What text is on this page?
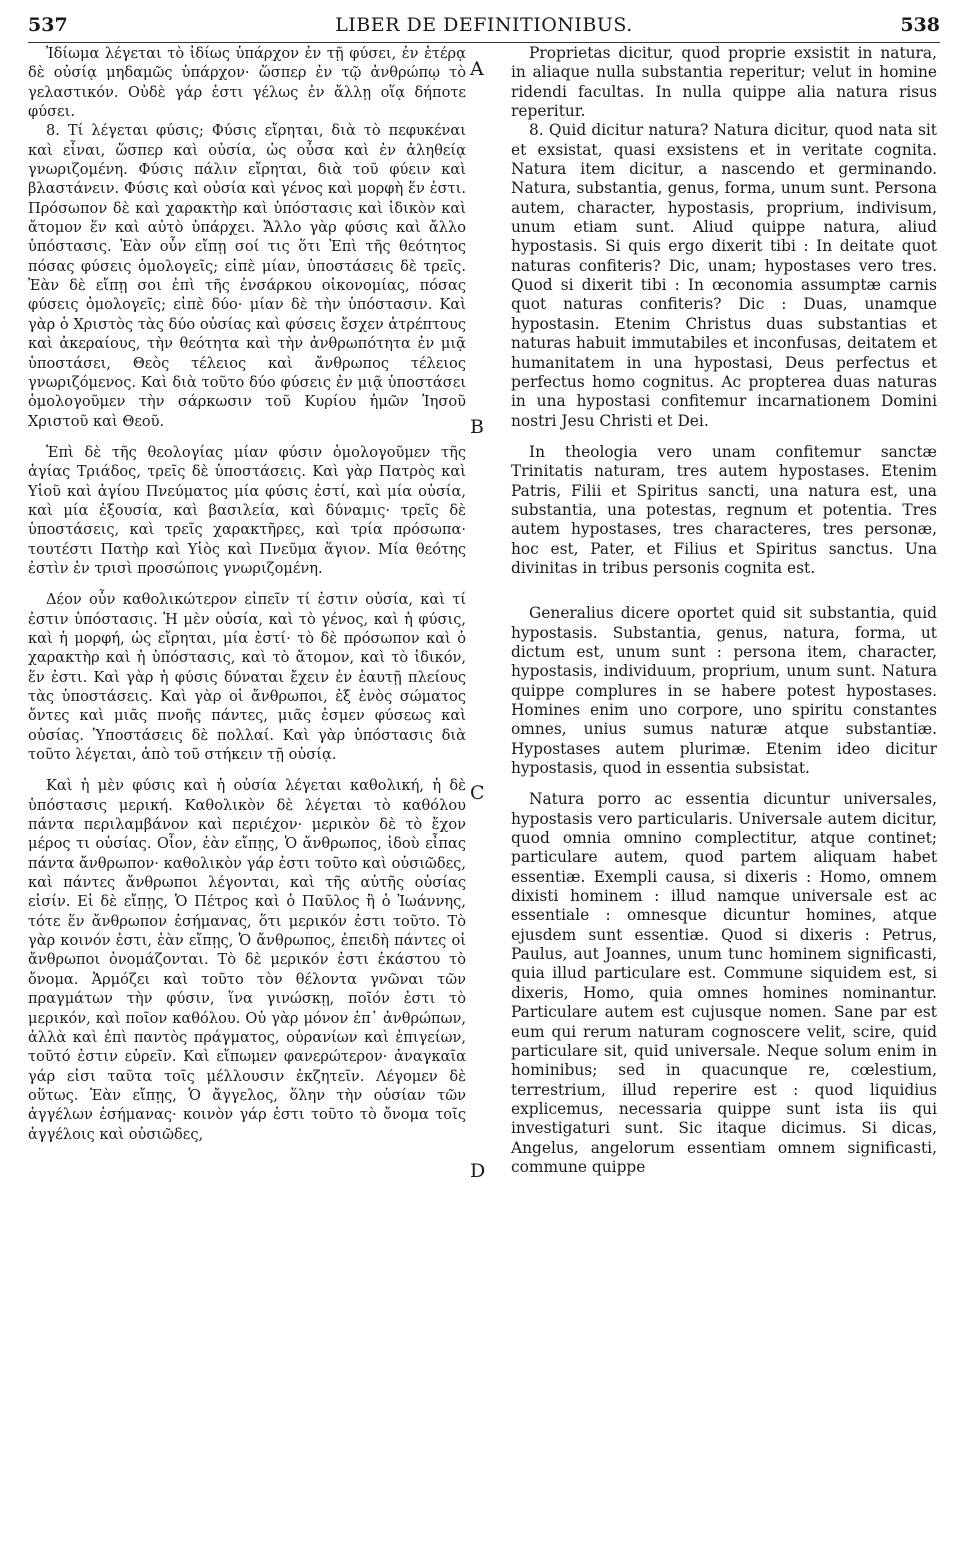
537	LIBER DE DEFINITIONIBUS.	538

Ἰδίωμα λέγεται τὸ ἰδίως ὑπάρχον ἐν τῇ φύσει, ἐν ἑτέρᾳ δὲ οὐσίᾳ μηδαμῶς ὑπάρχον· ὥσπερ ἐν τῷ ἀνθρώπῳ τὸ γελαστικόν. Οὐδὲ γάρ ἐστι γέλως ἐν ἄλλῃ οἵᾳ δήποτε φύσει.

8. Τί λέγεται φύσις; Φύσις εἴρηται, διὰ τὸ πεφυκέναι καὶ εἶναι, ὥσπερ καὶ οὐσία, ὡς οὖσα καὶ ἐν ἀληθείᾳ γνωριζομένη. Φύσις πάλιν εἴρηται, διὰ τοῦ φύειν καὶ βλαστάνειν. Φύσις καὶ οὐσία καὶ γένος καὶ μορφὴ ἕν ἐστι. Πρόσωπον δὲ καὶ χαρακτὴρ καὶ ὑπόστασις καὶ ἰδικὸν καὶ ἄτομον ἕν καὶ αὐτὸ ὑπάρχει. Ἄλλο γὰρ φύσις καὶ ἄλλο ὑπόστασις. Ἐὰν οὖν εἴπῃ σοί τις ὅτι Ἐπὶ τῆς θεότητος πόσας φύσεις ὁμολογεῖς; εἰπὲ μίαν, ὑποστάσεις δὲ τρεῖς. Ἐὰν δὲ εἴπῃ σοι ἐπὶ τῆς ἐνσάρκου οἰκονομίας, πόσας φύσεις ὁμολογεῖς; εἰπὲ δύο· μίαν δὲ τὴν ὑπόστασιν. Καὶ γὰρ ὁ Χριστὸς τὰς δύο οὐσίας καὶ φύσεις ἔσχεν ἀτρέπτους καὶ ἀκεραίους, τὴν θεότητα καὶ τὴν ἀνθρωπότητα ἐν μιᾷ ὑποστάσει, Θεὸς τέλειος καὶ ἄνθρωπος τέλειος γνωριζόμενος. Καὶ διὰ τοῦτο δύο φύσεις ἐν μιᾷ ὑποστάσει ὁμολογοῦμεν τὴν σάρκωσιν τοῦ Κυρίου ἡμῶν Ἰησοῦ Χριστοῦ καὶ Θεοῦ.

Ἐπὶ δὲ τῆς θεολογίας μίαν φύσιν ὁμολογοῦμεν τῆς ἁγίας Τριάδος, τρεῖς δὲ ὑποστάσεις. Καὶ γὰρ Πατρὸς καὶ Υἱοῦ καὶ ἁγίου Πνεύματος μία φύσις ἐστί, καὶ μία οὐσία, καὶ μία ἐξουσία, καὶ βασιλεία, καὶ δύναμις· τρεῖς δὲ ὑποστάσεις, καὶ τρεῖς χαρακτῆρες, καὶ τρία πρόσωπα· τουτέστι Πατὴρ καὶ Υἱὸς καὶ Πνεῦμα ἅγιον. Μία θεότης ἐστὶν ἐν τρισὶ προσώποις γνωριζομένη.

Δέον οὖν καθολικώτερον εἰπεῖν τί ἐστιν οὐσία, καὶ τί ἐστιν ὑπόστασις. Ἡ μὲν οὐσία, καὶ τὸ γένος, καὶ ἡ φύσις, καὶ ἡ μορφή, ὡς εἴρηται, μία ἐστί· τὸ δὲ πρόσωπον καὶ ὁ χαρακτὴρ καὶ ἡ ὑπόστασις, καὶ τὸ ἄτομον, καὶ τὸ ἰδικόν, ἕν ἐστι. Καὶ γὰρ ἡ φύσις δύναται ἔχειν ἐν ἑαυτῇ πλείους τὰς ὑποστάσεις. Καὶ γὰρ οἱ ἄνθρωποι, ἐξ ἑνὸς σώματος ὄντες καὶ μιᾶς πνοῆς πάντες, μιᾶς ἐσμεν φύσεως καὶ οὐσίας. Ὑποστάσεις δὲ πολλαί. Καὶ γὰρ ὑπόστασις διὰ τοῦτο λέγεται, ἀπὸ τοῦ στήκειν τῇ οὐσίᾳ.

Καὶ ἡ μὲν φύσις καὶ ἡ οὐσία λέγεται καθολική, ἡ δὲ ὑπόστασις μερική. Καθολικὸν δὲ λέγεται τὸ καθόλου πάντα περιλαμβάνον καὶ περιέχον· μερικὸν δὲ τὸ ἔχον μέρος τι οὐσίας. Οἷον, ἐὰν εἴπῃς, Ὁ ἄνθρωπος, ἰδοὺ εἶπας πάντα ἄνθρωπον· καθολικὸν γάρ ἐστι τοῦτο καὶ οὐσιῶδες, καὶ πάντες ἄνθρωποι λέγονται, καὶ τῆς αὐτῆς οὐσίας εἰσίν. Εἰ δὲ εἴπῃς, Ὁ Πέτρος καὶ ὁ Παῦλος ἢ ὁ Ἰωάννης, τότε ἕν ἄνθρωπον ἐσήμανας, ὅτι μερικόν ἐστι τοῦτο. Τὸ γὰρ κοινόν ἐστι, ἐὰν εἴπῃς, Ὁ ἄνθρωπος, ἐπειδὴ πάντες οἱ ἄνθρωποι ὀνομάζονται. Τὸ δὲ μερικόν ἐστι ἑκάστου τὸ ὄνομα. Ἁρμόζει καὶ τοῦτο τὸν θέλοντα γνῶναι τῶν πραγμάτων τὴν φύσιν, ἵνα γινώσκῃ, ποῖόν ἐστι τὸ μερικόν, καὶ ποῖον καθόλου. Οὐ γὰρ μόνον ἐπ᾽ ἀνθρώπων, ἀλλὰ καὶ ἐπὶ παντὸς πράγματος, οὐρανίων καὶ ἐπιγείων, τοῦτό ἐστιν εὑρεῖν. Καὶ εἴπωμεν φανερώτερον· ἀναγκαῖα γάρ εἰσι ταῦτα τοῖς μέλλουσιν ἐκζητεῖν. Λέγομεν δὲ οὕτως. Ἐὰν εἴπῃς, Ὁ ἄγγελος, ὅλην τὴν οὐσίαν τῶν ἀγγέλων ἐσήμανας· κοινὸν γάρ ἐστι τοῦτο τὸ ὄνομα τοῖς ἀγγέλοις καὶ οὐσιῶδες,

A
B
C
D

Proprietas dicitur, quod proprie exsistit in natura, in aliaque nulla substantia reperitur; velut in homine ridendi facultas. In nulla quippe alia natura risus reperitur.

8. Quid dicitur natura? Natura dicitur, quod nata sit et exsistat, quasi exsistens et in veritate cognita. Natura item dicitur, a nascendo et germinando. Natura, substantia, genus, forma, unum sunt. Persona autem, character, hypostasis, proprium, indivisum, unum etiam sunt. Aliud quippe natura, aliud hypostasis. Si quis ergo dixerit tibi : In deitate quot naturas confiteris? Dic, unam; hypostases vero tres. Quod si dixerit tibi : In œconomia assumptæ carnis quot naturas confiteris? Dic : Duas, unamque hypostasin. Etenim Christus duas substantias et naturas habuit immutabiles et inconfusas, deitatem et humanitatem in una hypostasi, Deus perfectus et perfectus homo cognitus. Ac propterea duas naturas in una hypostasi confitemur incarnationem Domini nostri Jesu Christi et Dei.

In theologia vero unam confitemur sanctæ Trinitatis naturam, tres autem hypostases. Etenim Patris, Filii et Spiritus sancti, una natura est, una substantia, una potestas, regnum et potentia. Tres autem hypostases, tres characteres, tres personæ, hoc est, Pater, et Filius et Spiritus sanctus. Una divinitas in tribus personis cognita est.

Generalius dicere oportet quid sit substantia, quid hypostasis. Substantia, genus, natura, forma, ut dictum est, unum sunt : persona item, character, hypostasis, individuum, proprium, unum sunt. Natura quippe complures in se habere potest hypostases. Homines enim uno corpore, uno spiritu constantes omnes, unius sumus naturæ atque substantiæ. Hypostases autem plurimæ. Etenim ideo dicitur hypostasis, quod in essentia subsistat.

Natura porro ac essentia dicuntur universales, hypostasis vero particularis. Universale autem dicitur, quod omnia omnino complectitur, atque continet; particulare autem, quod partem aliquam habet essentiæ. Exempli causa, si dixeris : Homo, omnem dixisti hominem : illud namque universale est ac essentiale : omnesque dicuntur homines, atque ejusdem sunt essentiæ. Quod si dixeris : Petrus, Paulus, aut Joannes, unum tunc hominem significasti, quia illud particulare est. Commune siquidem est, si dixeris, Homo, quia omnes homines nominantur. Particulare autem est cujusque nomen. Sane par est eum qui rerum naturam cognoscere velit, scire, quid particulare sit, quid universale. Neque solum enim in hominibus; sed in quacunque re, cœlestium, terrestrium, illud reperire est : quod liquidius explicemus, necessaria quippe sunt ista iis qui investigaturi sunt. Sic itaque dicimus. Si dicas, Angelus, angelorum essentiam omnem significasti, commune quippe
